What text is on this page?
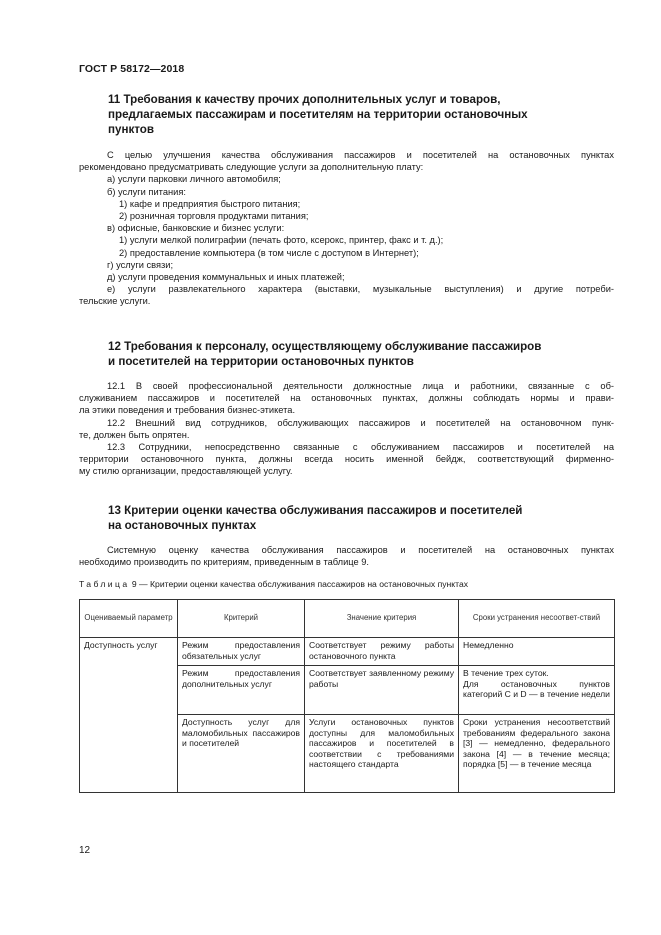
ГОСТ Р 58172—2018
11 Требования к качеству прочих дополнительных услуг и товаров,
предлагаемых пассажирам и посетителям на территории остановочных
пунктов

С целью улучшения качества обслуживания пассажиров и посетителей на остановочных пунктах

рекомендовано предусматривать следующие услуги за дополнительную плату:

а) услуги парковки личного автомобиля;

б) услуги питания:

1) кафе и предприятия быстрого питания;

2) розничная торговля продуктами питания;

в) офисные, банковские и бизнес услуги:

1) услуги мелкой полиграфии (печать фото, ксерокс, принтер, факс и т. д.);

2) предоставление компьютера (в том числе с доступом в Интернет);

г) услуги связи;

д) услуги проведения коммунальных и иных платежей;

е) услуги развлекательного характера (выставки, музыкальные выступления) и другие потреби-

тельские услуги.

12 Требования к персоналу, осуществляющему обслуживание пассажиров
и посетителей на территории остановочных пунктов

12.1 В своей профессиональной деятельности должностные лица и работники, связанные с об-

служиванием пассажиров и посетителей на остановочных пунктах, должны соблюдать нормы и прави-

ла этики поведения и требования бизнес-этикета.

12.2 Внешний вид сотрудников, обслуживающих пассажиров и посетителей на остановочном пунк-

те, должен быть опрятен.

12.3 Сотрудники, непосредственно связанные с обслуживанием пассажиров и посетителей на

территории остановочного пункта, должны всегда носить именной бейдж, соответствующий фирменно-

му стилю организации, предоставляющей услугу.

13 Критерии оценки качества обслуживания пассажиров и посетителей
на остановочных пунктах

Системную оценку качества обслуживания пассажиров и посетителей на остановочных пунктах

необходимо производить по критериям, приведенным в таблице 9.

Таблица 9 — Критерии оценки качества обслуживания пассажиров на остановочных пунктах
Оцениваемый параметр	Критерий	Значение критерия	Сроки устранения несоответ-ствий
Доступность услуг	Режим предоставления обязательных услуг	Соответствует режиму работы остановочного пункта	Немедленно

	Режим предоставления дополнительных услуг	Соответствует заявленному режиму работы	В течение трех суток.
Для остановочных пунктов категорий С и D — в течение недели

	Доступность услуг для маломобильных пассажиров и посетителей	Услуги остановочных пунктов доступны для маломобильных пассажиров и посетителей в соответствии с требованиями настоящего стандарта	Сроки устранения несоответствий требованиям федерального закона [3] — немедленно, федерального закона [4] — в течение месяца; порядка [5] — в течение месяца
12
